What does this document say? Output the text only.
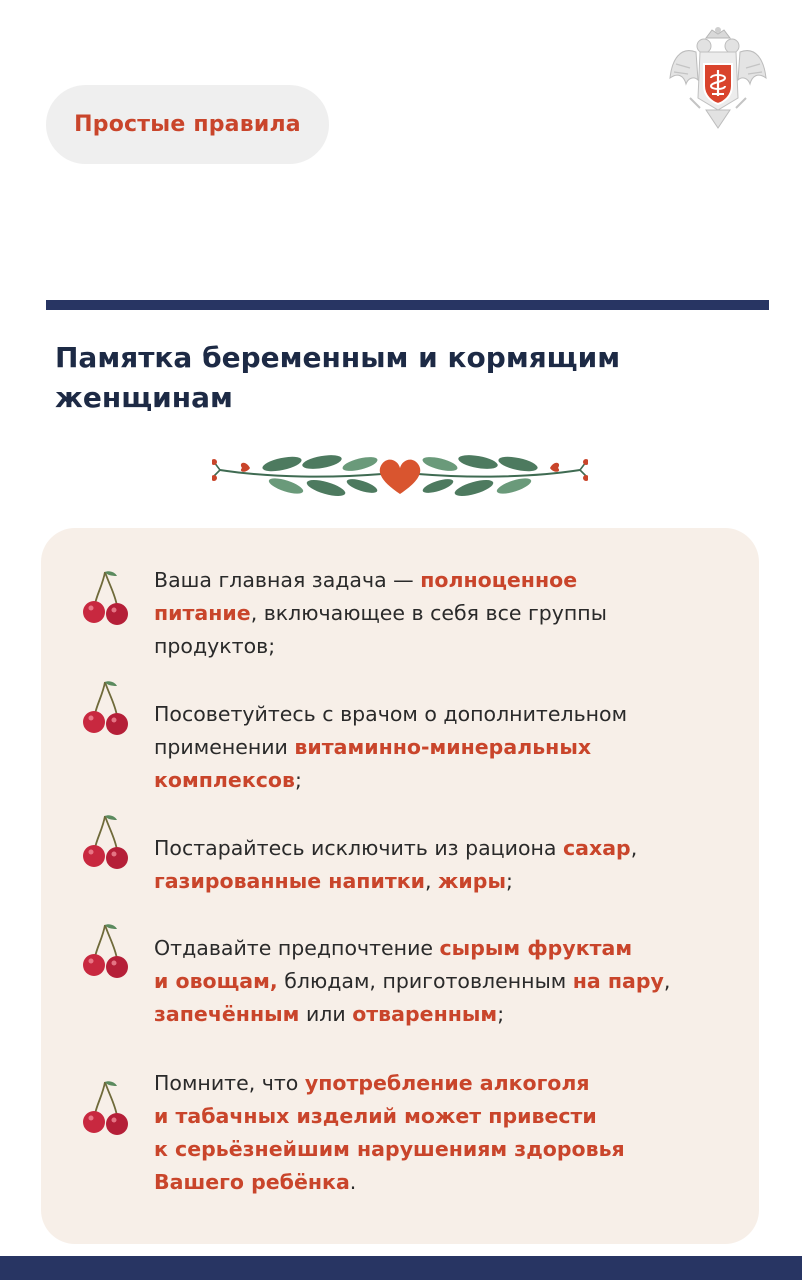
Простые правила
Памятка беременным и кормящим
женщинам

Ваша главная задача — полноценное
питание, включающее в себя все группы
продуктов;

Посоветуйтесь с врачом о дополнительном
применении витаминно-минеральных
комплексов;

Постарайтесь исключить из рациона сахар,
газированные напитки, жиры;

Отдавайте предпочтение сырым фруктам
и овощам, блюдам, приготовленным на пару,
запечённым или отваренным;

Помните, что употребление алкоголя
и табачных изделий может привести
к серьёзнейшим нарушениям здоровья
Вашего ребёнка.
